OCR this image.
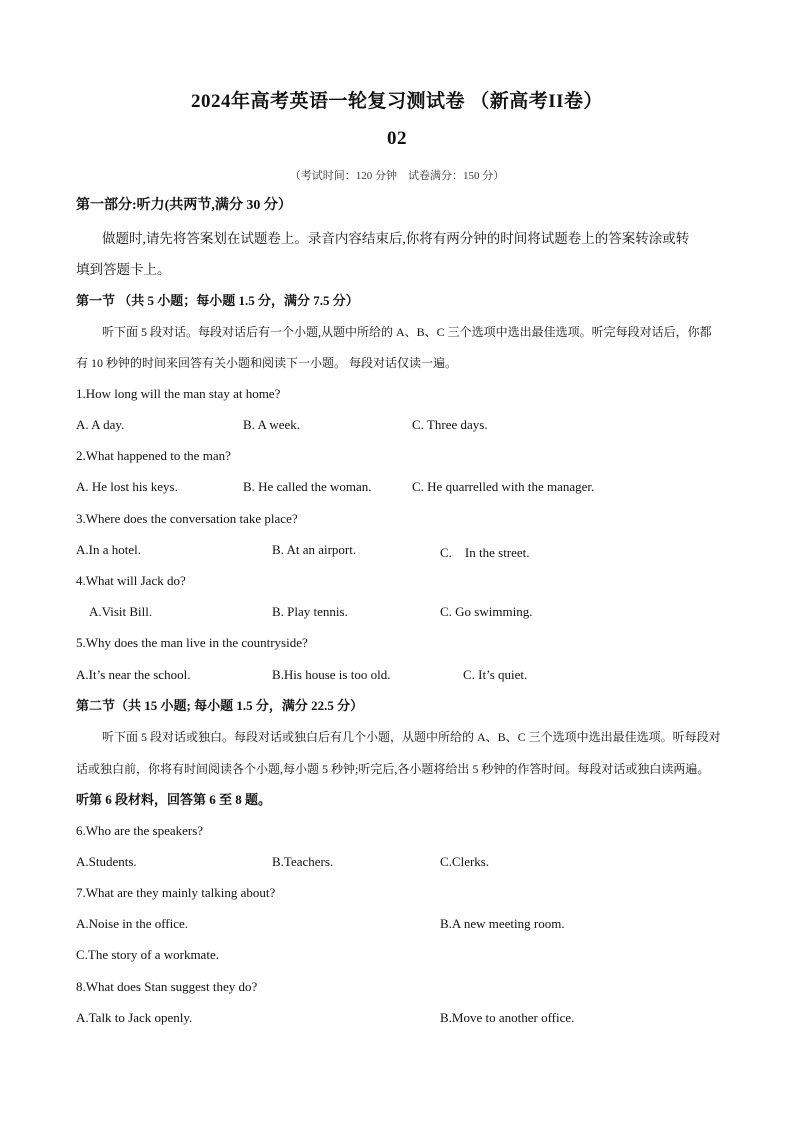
2024年高考英语一轮复习测试卷 （新高考II卷）
02
（考试时间：120 分钟　试卷满分：150 分）
第一部分:听力(共两节,满分 30 分）
做题时,请先将答案划在试题卷上。录音内容结束后,你将有两分钟的时间将试题卷上的答案转涂或转
填到答题卡上。
第一节 （共 5 小题；每小题 1.5 分，满分 7.5 分）
听下面 5 段对话。每段对话后有一个小题,从题中所给的 A、B、C 三个选项中选出最佳选项。听完每段对话后，你都
有 10 秒钟的时间来回答有关小题和阅读下一小题。 每段对话仅读一遍。
1.How long will the man stay at home?
A. A day.	B. A week.	C. Three days.
2.What happened to the man?
A. He lost his keys.	B. He called the woman.	C. He quarrelled with the manager.
3.Where does the conversation take place?
A.In a hotel.	B. At an airport.	C.　In the street.
4.What will Jack do?
A.Visit Bill.	B. Play tennis.	C. Go swimming.
5.Why does the man live in the countryside?
A.It’s near the school.	B.His house is too old.	C. It’s quiet.
第二节（共 15 小题; 每小题 1.5 分，满分 22.5 分）
听下面 5 段对话或独白。每段对话或独白后有几个小题，从题中所给的 A、B、C 三个选项中选出最佳选项。听每段对
话或独白前，你将有时间阅读各个小题,每小题 5 秒钟;听完后,各小题将给出 5 秒钟的作答时间。每段对话或独白读两遍。
听第 6 段材料，回答第 6 至 8 题。
6.Who are the speakers?
A.Students.	B.Teachers.	C.Clerks.
7.What are they mainly talking about?
A.Noise in the office.	B.A new meeting room.
C.The story of a workmate.
8.What does Stan suggest they do?
A.Talk to Jack openly.	B.Move to another office.
